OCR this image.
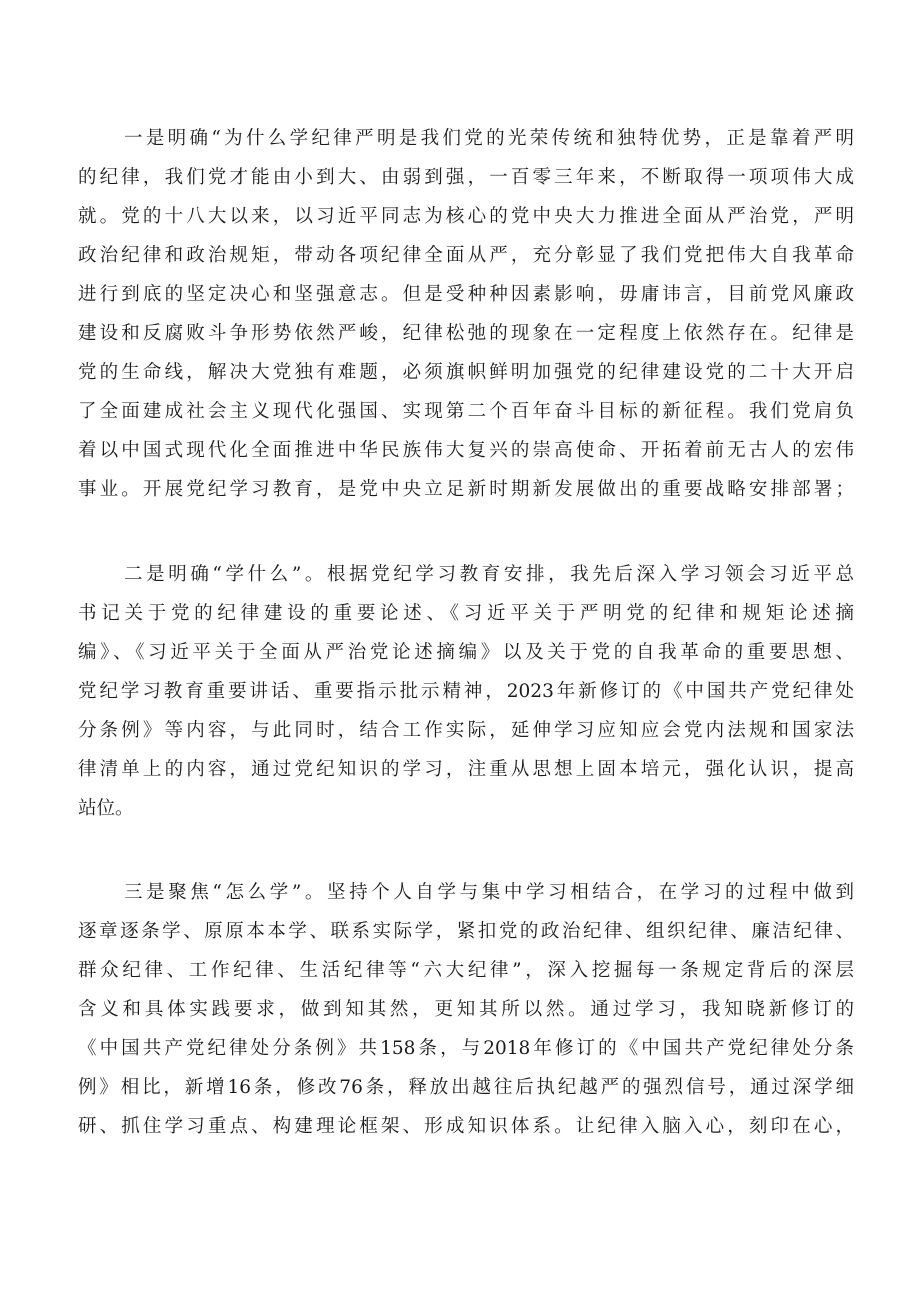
一是明确“为什么学纪律严明是我们党的光荣传统和独特优势，正是靠着严明
的纪律，我们党才能由小到大、由弱到强，一百零三年来，不断取得一项项伟大成
就。党的十八大以来，以习近平同志为核心的党中央大力推进全面从严治党，严明
政治纪律和政治规矩，带动各项纪律全面从严，充分彰显了我们党把伟大自我革命
进行到底的坚定决心和坚强意志。但是受种种因素影响，毋庸讳言，目前党风廉政
建设和反腐败斗争形势依然严峻，纪律松弛的现象在一定程度上依然存在。纪律是
党的生命线，解决大党独有难题，必须旗帜鲜明加强党的纪律建设党的二十大开启
了全面建成社会主义现代化强国、实现第二个百年奋斗目标的新征程。我们党肩负
着以中国式现代化全面推进中华民族伟大复兴的崇高使命、开拓着前无古人的宏伟
事业。开展党纪学习教育，是党中央立足新时期新发展做出的重要战略安排部署；
二是明确“学什么”。根据党纪学习教育安排，我先后深入学习领会习近平总
书记关于党的纪律建设的重要论述、《习近平关于严明党的纪律和规矩论述摘
编》、《习近平关于全面从严治党论述摘编》以及关于党的自我革命的重要思想、
党纪学习教育重要讲话、重要指示批示精神，2023年新修订的《中国共产党纪律处
分条例》等内容，与此同时，结合工作实际，延伸学习应知应会党内法规和国家法
律清单上的内容，通过党纪知识的学习，注重从思想上固本培元，强化认识，提高
站位。
三是聚焦“怎么学”。坚持个人自学与集中学习相结合，在学习的过程中做到
逐章逐条学、原原本本学、联系实际学，紧扣党的政治纪律、组织纪律、廉洁纪律、
群众纪律、工作纪律、生活纪律等“六大纪律”，深入挖掘每一条规定背后的深层
含义和具体实践要求，做到知其然，更知其所以然。通过学习，我知晓新修订的
《中国共产党纪律处分条例》共158条，与2018年修订的《中国共产党纪律处分条
例》相比，新增16条，修改76条，释放出越往后执纪越严的强烈信号，通过深学细
研、抓住学习重点、构建理论框架、形成知识体系。让纪律入脑入心，刻印在心，
